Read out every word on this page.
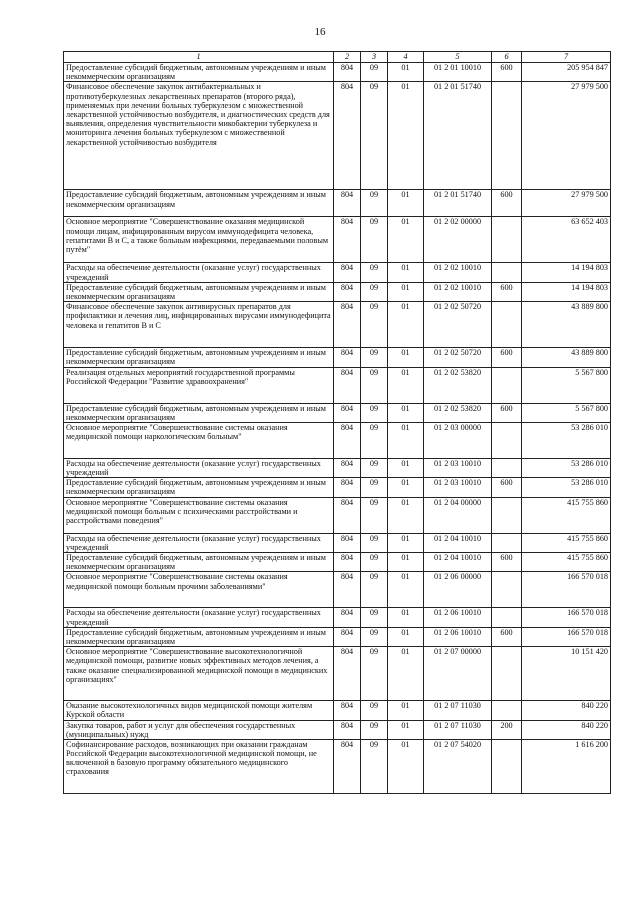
16
1	2	3	4	5	6	7
Предоставление субсидий бюджетным, автономным учреждениям и иным некоммерческим организациям	804	09	01	01 2 01 10010	600	205 954 847
Финансовое обеспечение закупок антибактериальных и противотуберкулезных лекарственных препаратов (второго ряда), применяемых при лечении больных туберкулезом с множественной лекарственной устойчивостью возбудителя, и диагностических средств для выявления, определения чувствительности микобактерии туберкулеза и мониторинга лечения больных туберкулезом с множественной лекарственной устойчивостью возбудителя	804	09	01	01 2 01 51740		27 979 500
Предоставление субсидий бюджетным, автономным учреждениям и иным некоммерческим организациям	804	09	01	01 2 01 51740	600	27 979 500
Основное мероприятие "Совершенствование оказания медицинской помощи лицам, инфицированным вирусом иммунодефицита человека, гепатитами В и С, а также больным инфекциями, передаваемыми половым путём"	804	09	01	01 2 02 00000		63 652 403
Расходы на обеспечение деятельности (оказание услуг) государственных учреждений	804	09	01	01 2 02 10010		14 194 803
Предоставление субсидий бюджетным, автономным учреждениям и иным некоммерческим организациям	804	09	01	01 2 02 10010	600	14 194 803
Финансовое обеспечение закупок антивирусных препаратов для профилактики и лечения лиц, инфицированных вирусами иммунодефицита человека и гепатитов В и С	804	09	01	01 2 02 50720		43 889 800
Предоставление субсидий бюджетным, автономным учреждениям и иным некоммерческим организациям	804	09	01	01 2 02 50720	600	43 889 800
Реализация отдельных мероприятий государственной программы Российской Федерации "Развитие здравоохранения"	804	09	01	01 2 02 53820		5 567 800
Предоставление субсидий бюджетным, автономным учреждениям и иным некоммерческим организациям	804	09	01	01 2 02 53820	600	5 567 800
Основное мероприятие "Совершенствование системы оказания медицинской помощи наркологическим больным"	804	09	01	01 2 03 00000		53 286 010
Расходы на обеспечение деятельности (оказание услуг) государственных учреждений	804	09	01	01 2 03 10010		53 286 010
Предоставление субсидий бюджетным, автономным учреждениям и иным некоммерческим организациям	804	09	01	01 2 03 10010	600	53 286 010
Основное мероприятие "Совершенствование системы оказания медицинской помощи больным с психическими расстройствами и расстройствами поведения"	804	09	01	01 2 04 00000		415 755 860
Расходы на обеспечение деятельности (оказание услуг) государственных учреждений	804	09	01	01 2 04 10010		415 755 860
Предоставление субсидий бюджетным, автономным учреждениям и иным некоммерческим организациям	804	09	01	01 2 04 10010	600	415 755 860
Основное мероприятие "Совершенствование системы оказания медицинской помощи больным прочими заболеваниями"	804	09	01	01 2 06 00000		166 570 018
Расходы на обеспечение деятельности (оказание услуг) государственных учреждений	804	09	01	01 2 06 10010		166 570 018
Предоставление субсидий бюджетным, автономным учреждениям и иным некоммерческим организациям	804	09	01	01 2 06 10010	600	166 570 018
Основное мероприятие "Совершенствование высокотехнологичной медицинской помощи, развитие новых эффективных методов лечения, а также оказание специализированной медицинской помощи в медицинских организациях"	804	09	01	01 2 07 00000		10 151 420
Оказание высокотехнологичных видов медицинской помощи жителям Курской области	804	09	01	01 2 07 11030		840 220
Закупка товаров, работ и услуг для обеспечения государственных (муниципальных) нужд	804	09	01	01 2 07 11030	200	840 220
Софинансирование расходов, возникающих при оказании гражданам Российской Федерации высокотехнологичной медицинской помощи, не включенной в базовую программу обязательного медицинского страхования	804	09	01	01 2 07 54020		1 616 200
